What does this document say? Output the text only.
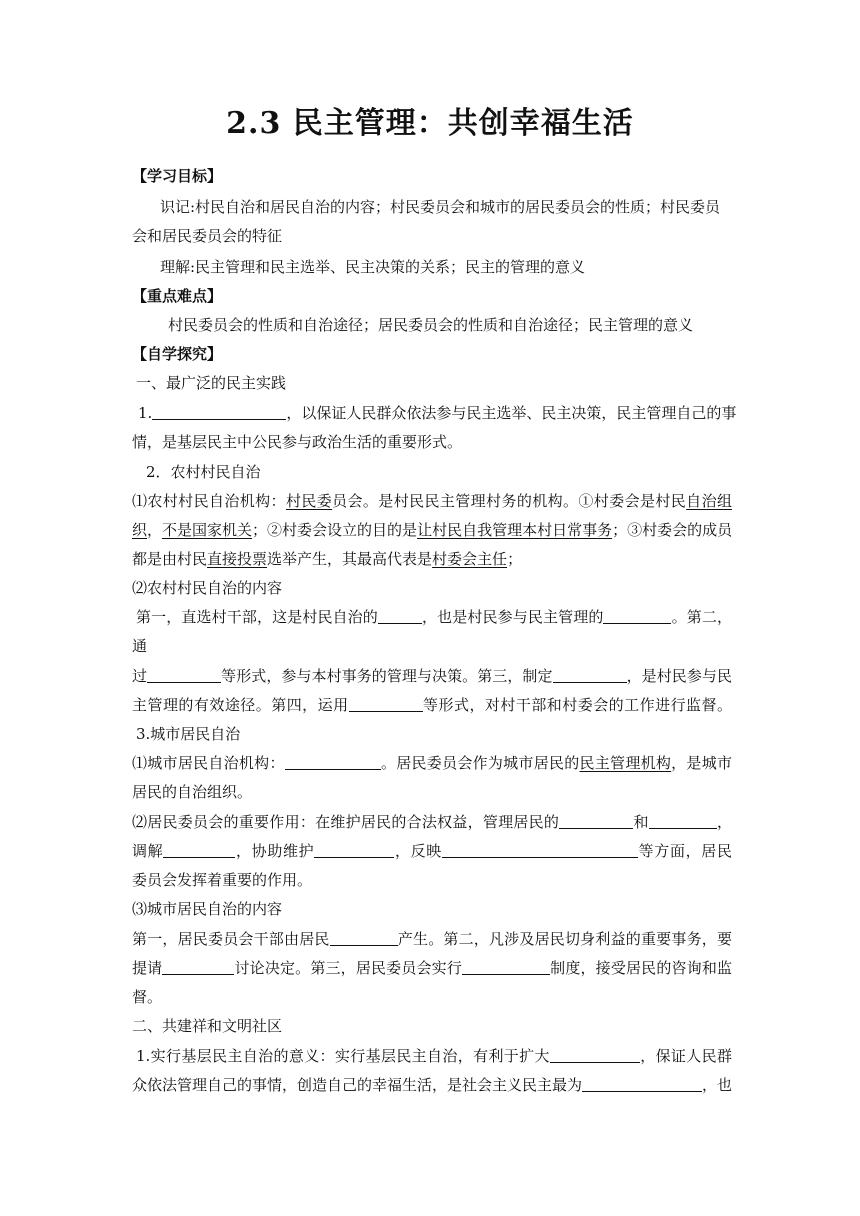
2.3 民主管理：共创幸福生活
【学习目标】
识记:村民自治和居民自治的内容；村民委员会和城市的居民委员会的性质；村民委员
会和居民委员会的特征
理解:民主管理和民主选举、民主决策的关系；民主的管理的意义
【重点难点】
村民委员会的性质和自治途径；居民委员会的性质和自治途径；民主管理的意义
【自学探究】
一、最广泛的民主实践
1.	，以保证人民群众依法参与民主选举、民主决策，民主管理自己的事
情，是基层民主中公民参与政治生活的重要形式。
2．农村村民自治
⑴农村村民自治机构：村民委员会。是村民民主管理村务的机构。①村委会是村民自治组
织，不是国家机关；②村委会设立的目的是让村民自我管理本村日常事务；③村委会的成员
都是由村民直接投票选举产生，其最高代表是村委会主任；
⑵农村村民自治的内容
第一，直选村干部，这是村民自治的	，也是村民参与民主管理的	。第二，
通
过	等形式，参与本村事务的管理与决策。第三，制定	，是村民参与民
主管理的有效途径。第四，运用	等形式，对村干部和村委会的工作进行监督。
3.城市居民自治
⑴城市居民自治机构：	。居民委员会作为城市居民的民主管理机构，是城市
居民的自治组织。
⑵居民委员会的重要作用：在维护居民的合法权益，管理居民的	和	，
调解	，协助维护	，反映	等方面，居民
委员会发挥着重要的作用。
⑶城市居民自治的内容
第一，居民委员会干部由居民	产生。第二，凡涉及居民切身利益的重要事务，要
提请	讨论决定。第三，居民委员会实行	制度，接受居民的咨询和监
督。
二、共建祥和文明社区
1.实行基层民主自治的意义：实行基层民主自治，有利于扩大	，保证人民群
众依法管理自己的事情，创造自己的幸福生活，是社会主义民主最为	，也
